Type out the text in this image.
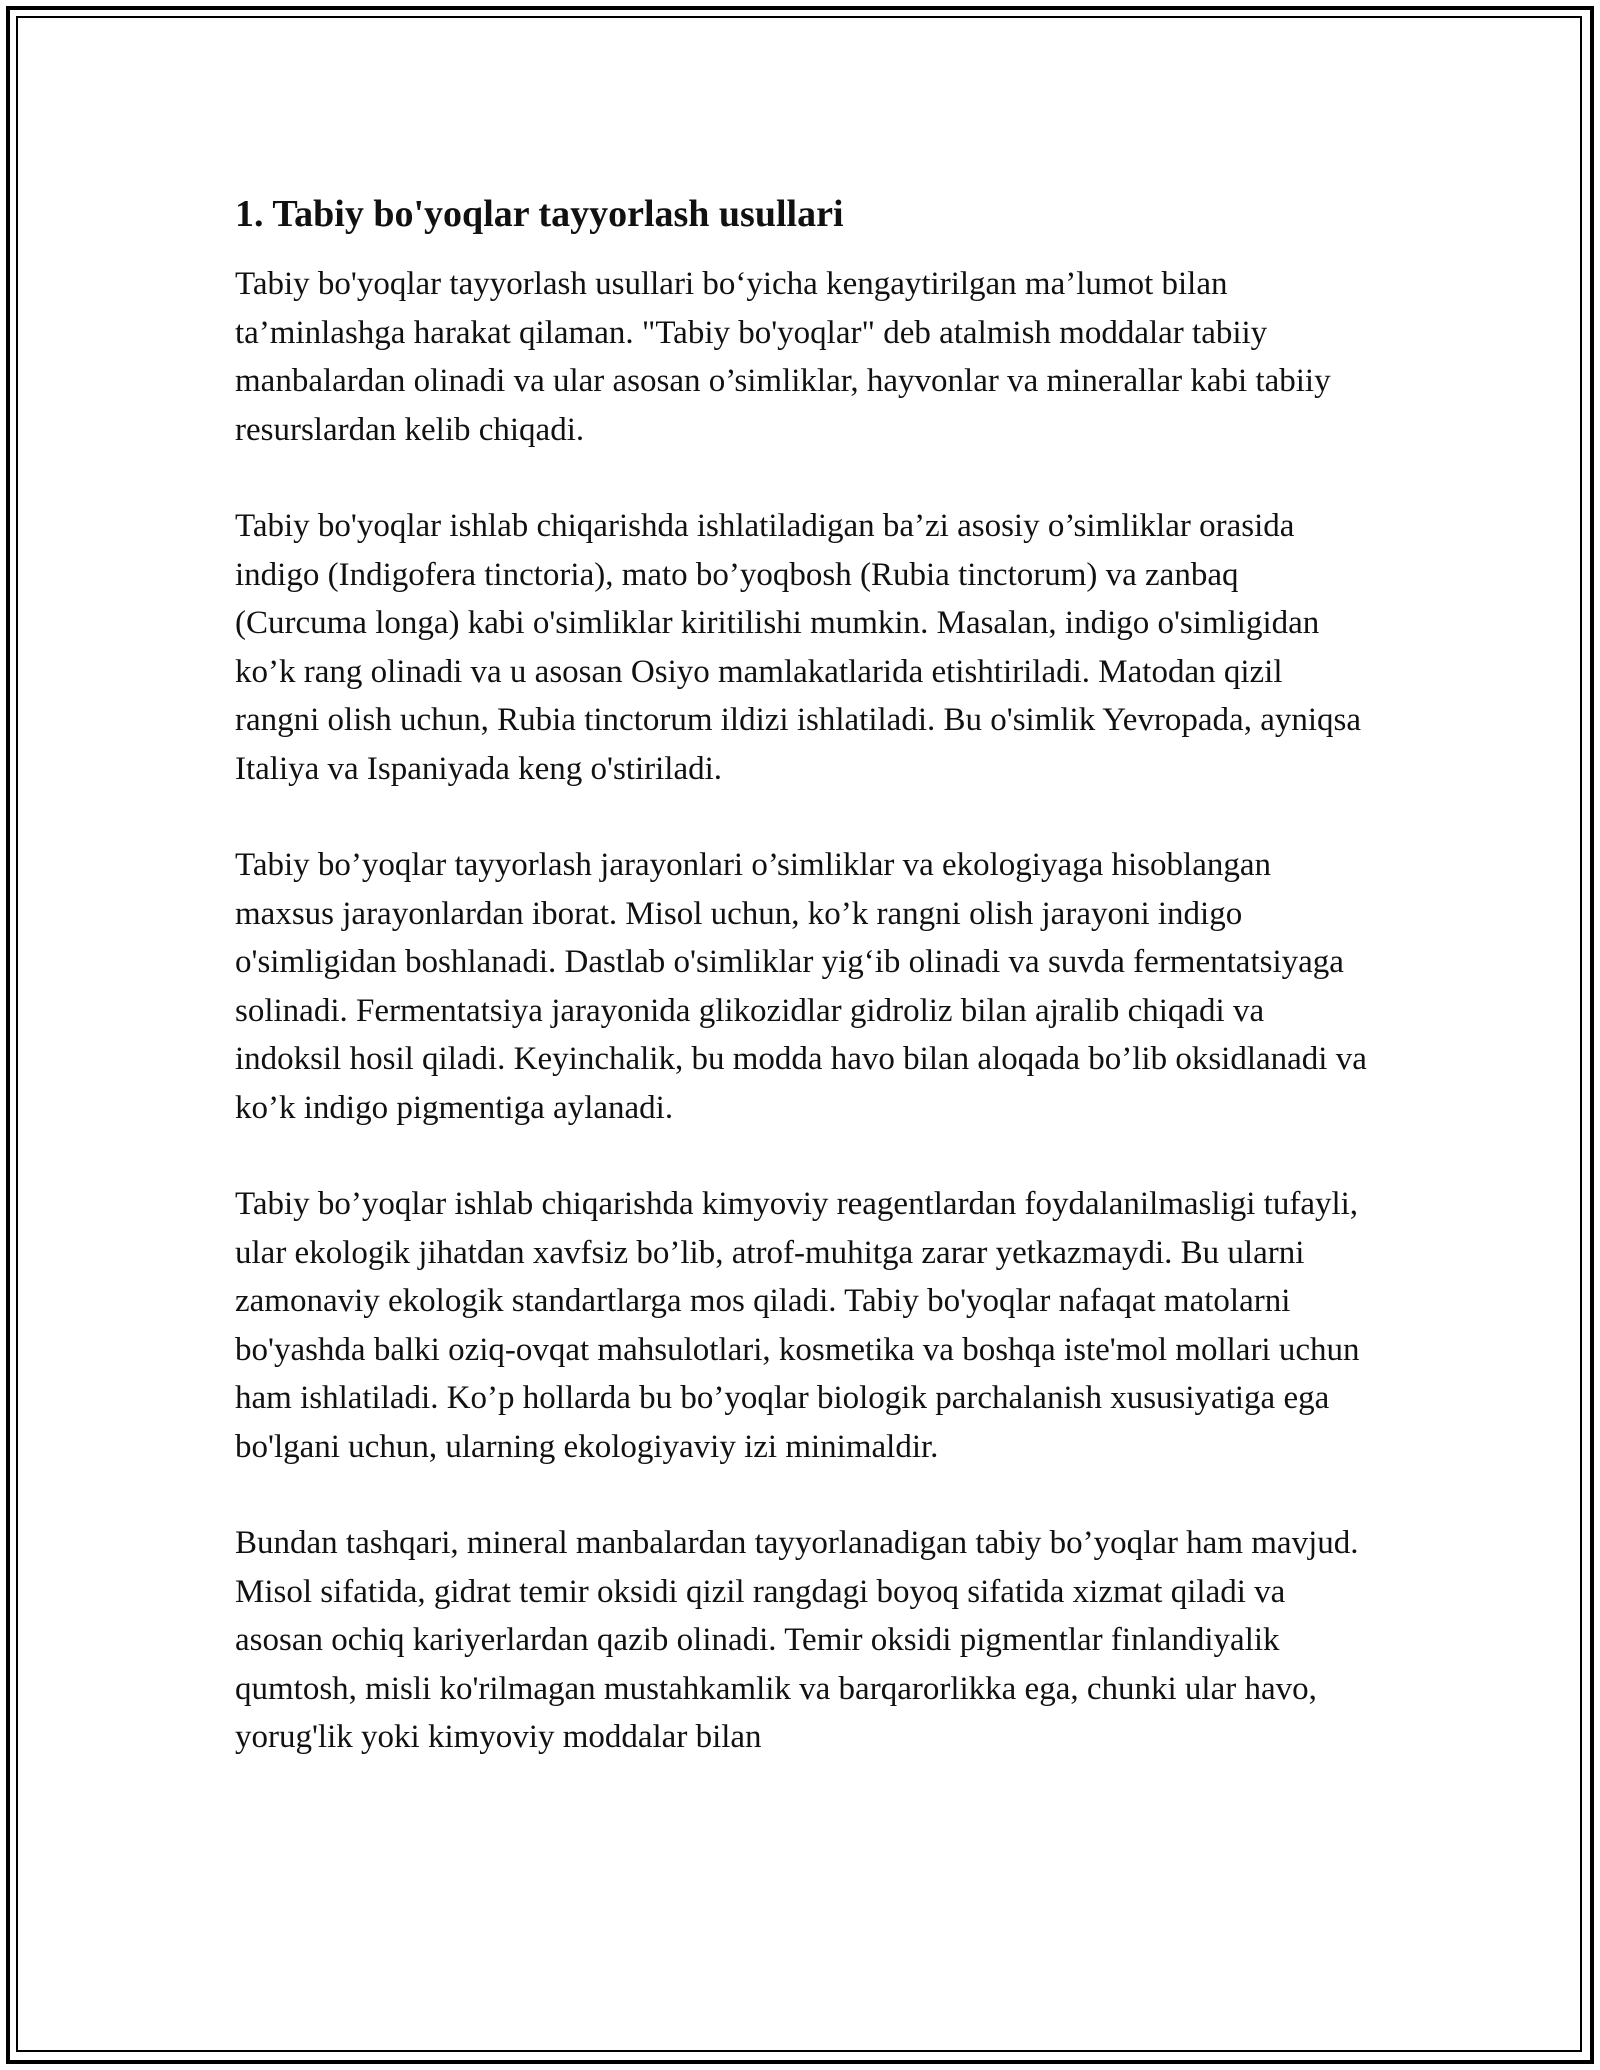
1. Tabiy bo'yoqlar tayyorlash usullari

Tabiy bo'yoqlar tayyorlash usullari bo‘yicha kengaytirilgan ma’lumot bilan ta’minlashga harakat qilaman. "Tabiy bo'yoqlar" deb atalmish moddalar tabiiy manbalardan olinadi va ular asosan o’simliklar, hayvonlar va minerallar kabi tabiiy resurslardan kelib chiqadi.

Tabiy bo'yoqlar ishlab chiqarishda ishlatiladigan ba’zi asosiy o’simliklar orasida indigo (Indigofera tinctoria), mato bo’yoqbosh (Rubia tinctorum) va zanbaq (Curcuma longa) kabi o'simliklar kiritilishi mumkin. Masalan, indigo o'simligidan ko’k rang olinadi va u asosan Osiyo mamlakatlarida etishtiriladi. Matodan qizil rangni olish uchun, Rubia tinctorum ildizi ishlatiladi. Bu o'simlik Yevropada, ayniqsa Italiya va Ispaniyada keng o'stiriladi.

Tabiy bo’yoqlar tayyorlash jarayonlari o’simliklar va ekologiyaga hisoblangan maxsus jarayonlardan iborat. Misol uchun, ko’k rangni olish jarayoni indigo o'simligidan boshlanadi. Dastlab o'simliklar yig‘ib olinadi va suvda fermentatsiyaga solinadi. Fermentatsiya jarayonida glikozidlar gidroliz bilan ajralib chiqadi va indoksil hosil qiladi. Keyinchalik, bu modda havo bilan aloqada bo’lib oksidlanadi va ko’k indigo pigmentiga aylanadi.

Tabiy bo’yoqlar ishlab chiqarishda kimyoviy reagentlardan foydalanilmasligi tufayli, ular ekologik jihatdan xavfsiz bo’lib, atrof-muhitga zarar yetkazmaydi. Bu ularni zamonaviy ekologik standartlarga mos qiladi. Tabiy bo'yoqlar nafaqat matolarni bo'yashda balki oziq-ovqat mahsulotlari, kosmetika va boshqa iste'mol mollari uchun ham ishlatiladi. Ko’p hollarda bu bo’yoqlar biologik parchalanish xususiyatiga ega bo'lgani uchun, ularning ekologiyaviy izi minimaldir.

Bundan tashqari, mineral manbalardan tayyorlanadigan tabiy bo’yoqlar ham mavjud. Misol sifatida, gidrat temir oksidi qizil rangdagi boyoq sifatida xizmat qiladi va asosan ochiq kariyerlardan qazib olinadi. Temir oksidi pigmentlar finlandiyalik qumtosh, misli ko'rilmagan mustahkamlik va barqarorlikka ega, chunki ular havo, yorug'lik yoki kimyoviy moddalar bilan
